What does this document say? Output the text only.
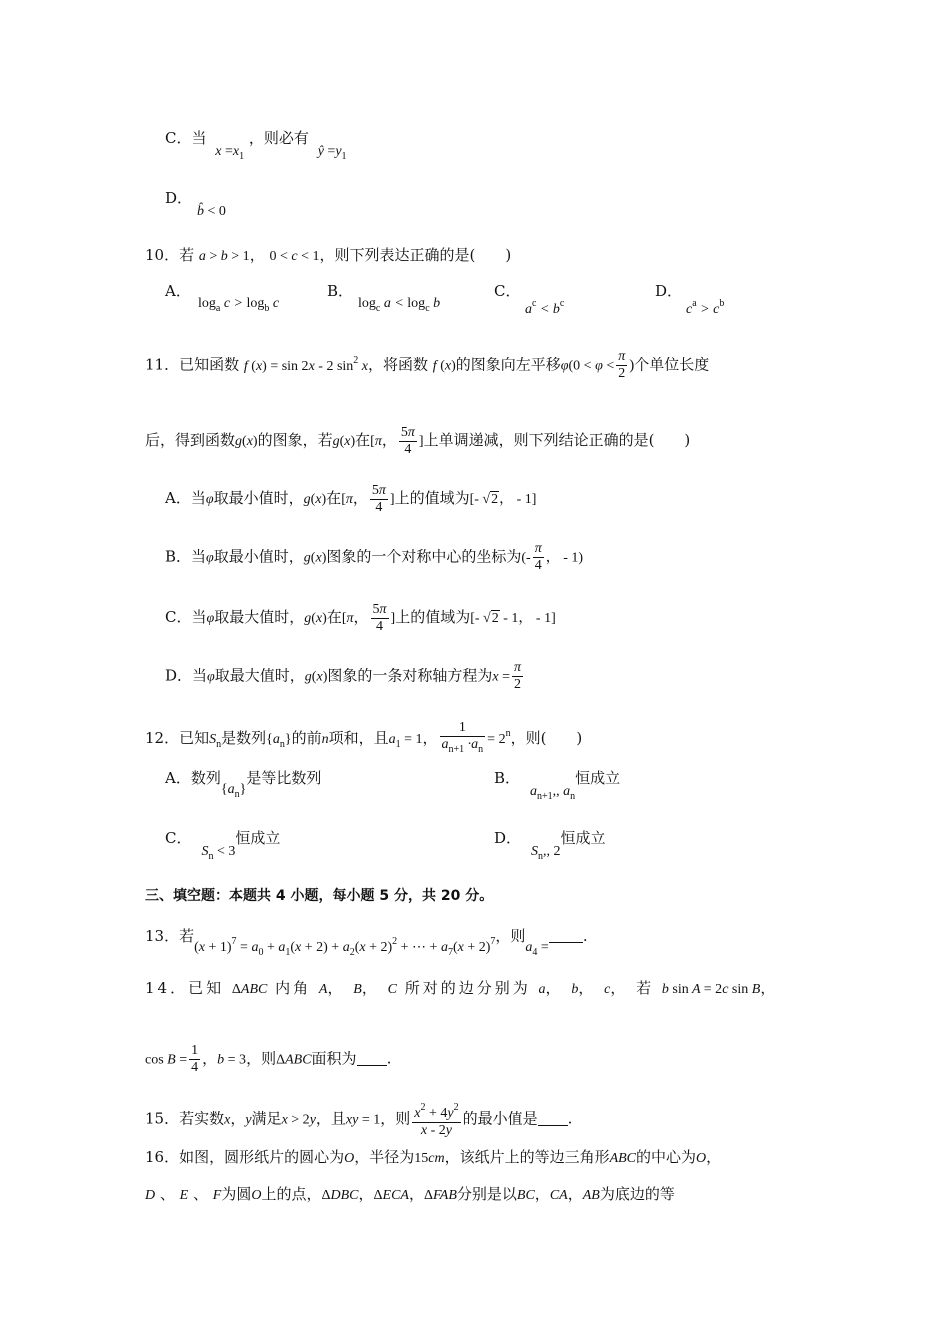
C．当 $x =x_1$ ，则必有 ŷ $=y_1$
D．
b̂ < 0
10．若 a > b > 1， 0 < c < 1，则下列表达正确的是(　　)
A．
$\log_a c > \log_b c$
B．
$\log_c a < \log_c b$
C．
$a^c < b^c$
D．
$c^a > c^b$
11．已知函数 f (x) = sin 2x - 2 $\sin^2 x$，将函数 f (x)的图象向左平移$\varphi(0 < \varphi < \frac{\pi}{2}$ )个单位长度
后，得到函数g(x)的图象，若g(x)在[π， $\frac{5\pi}{4}$ ]上单调递减，则下列结论正确的是(　　)
A．当φ取最小值时，g(x)在[π， $\frac{5\pi}{4}$ ]上的值域为[- √2， - 1]
B．当φ取最小值时，g(x)图象的一个对称中心的坐标为(- $\frac{\pi}{4}$ ， - 1)
C．当φ取最大值时，g(x)在[π， $\frac{5\pi}{4}$ ]上的值域为[- √2 - 1， - 1]
D．当φ取最大值时，g(x)图象的一条对称轴方程为$x = \frac{\pi}{2}$
12．已知$S_n$是数列$\{a_n\}$的前n项和，且$a_1 = 1$， $\frac{1}{a_{n+1} \cdot a_n} = 2^n$，则(　　)
A．数列$\{a_n\}$是等比数列	B．$a_{n+1}$,, $a_n$恒成立
C．$S_n < 3$恒成立	D．$S_n$,, 2恒成立
三、填空题：本题共 4 小题，每小题 5 分，共 20 分。
13．若$(x + 1)^7 = a_0 + a_1(x + 2) + a_2(x + 2)^2$ + ⋯ + $a_7(x + 2)^7$，则$a_4$ =.
14．已知 ΔABC 内角 A， B， C 所对的边分别为 a， b， c， 若 b sin A = 2c sin B，
$\cos B = \frac{1}{4}$ ，b = 3，则ΔABC面积为 .
15．若实数x，y满足x > 2y，且xy = 1，则 $\frac{x^2 + 4y^2}{x - 2y}$ 的最小值是 .
16．如图，圆形纸片的圆心为O，半径为15cm，该纸片上的等边三角形ABC的中心为O，
D 、 E 、 F为圆O上的点，ΔDBC，ΔECA，ΔFAB分别是以BC，CA，AB为底边的等
